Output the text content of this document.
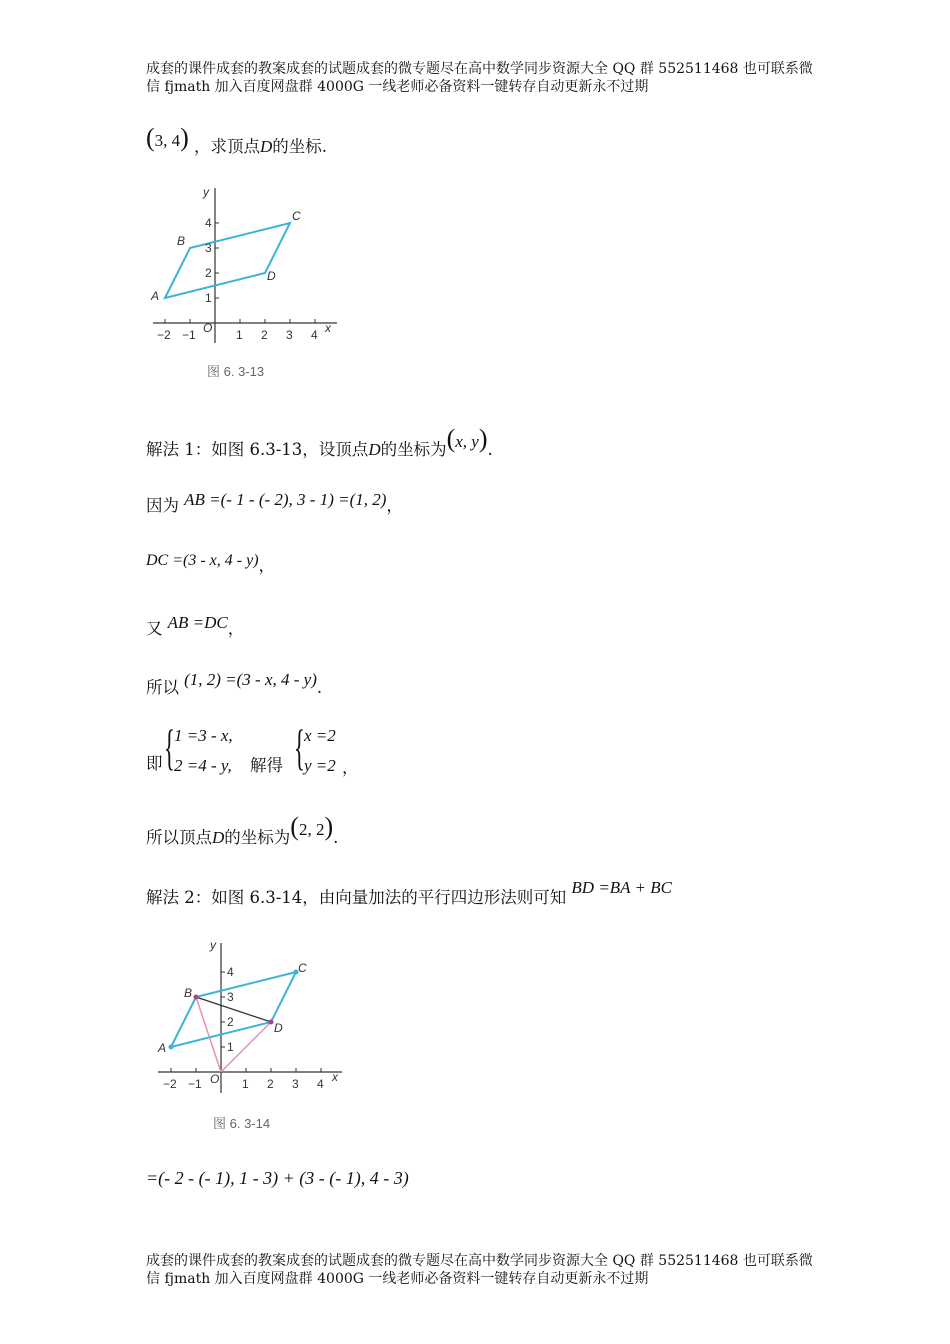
成套的课件成套的教案成套的试题成套的微专题尽在高中数学同步资源大全 QQ 群 552511468 也可联系微
信 fjmath 加入百度网盘群 4000G 一线老师必备资料一键转存自动更新永不过期
(3, 4) ，求顶点D的坐标.
−2 −1	1 2 3 4
1
2
3
4
O	x
y
A
B
C
D
图 6. 3-13
解法 1：如图 6.3-13，设顶点D的坐标为(x, y).
因为 AB =(- 1 - (- 2), 3 - 1) =(1, 2)，
DC =(3 - x, 4 - y)，
又 AB =DC，
所以 (1, 2) =(3 - x, 4 - y).
即 { 1 =3 - x,
2 =4 - y, 解得 { x =2
y =2 ，
所以顶点D的坐标为(2, 2).
解法 2：如图 6.3-14，由向量加法的平行四边形法则可知 BD =BA + BC
−2 −1	1 2 3 4
1
2
3
4
O	x
y
A
B
C
D
图 6. 3-14
=(- 2 - (- 1), 1 - 3) + (3 - (- 1), 4 - 3)
成套的课件成套的教案成套的试题成套的微专题尽在高中数学同步资源大全 QQ 群 552511468 也可联系微
信 fjmath 加入百度网盘群 4000G 一线老师必备资料一键转存自动更新永不过期
